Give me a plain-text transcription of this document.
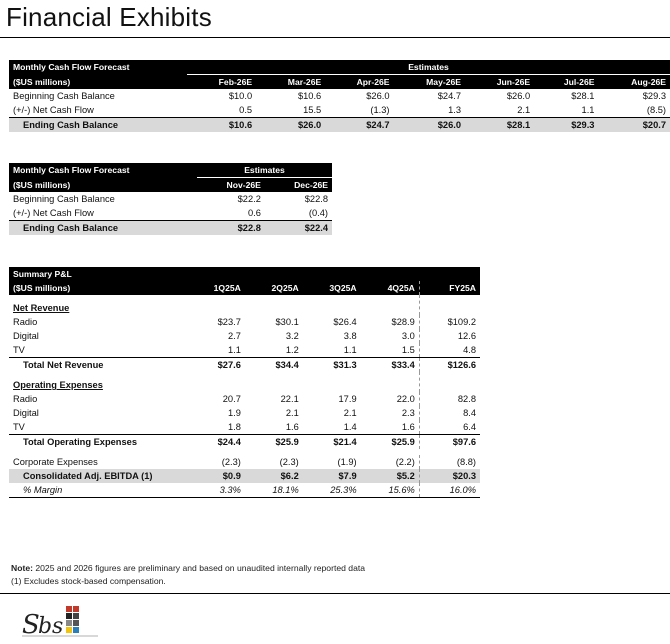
Financial Exhibits
Monthly Cash Flow Forecast	Estimates						
($US millions)	Feb-26E	Mar-26E	Apr-26E	May-26E	Jun-26E	Jul-26E	Aug-26E
Beginning Cash Balance	$10.0	$10.6	$26.0	$24.7	$26.0	$28.1	$29.3
(+/-) Net Cash Flow	0.5	15.5	(1.3)	1.3	2.1	1.1	(8.5)
Ending Cash Balance	$10.6	$26.0	$24.7	$26.0	$28.1	$29.3	$20.7
Monthly Cash Flow Forecast	Estimates	
($US millions)	Nov-26E	Dec-26E
Beginning Cash Balance	$22.2	$22.8
(+/-) Net Cash Flow	0.6	(0.4)
Ending Cash Balance	$22.8	$22.4
Summary P&L					
($US millions)	1Q25A	2Q25A	3Q25A	4Q25A	FY25A
Net Revenue					
Radio	$23.7	$30.1	$26.4	$28.9	$109.2
Digital	2.7	3.2	3.8	3.0	12.6
TV	1.1	1.2	1.1	1.5	4.8
Total Net Revenue	$27.6	$34.4	$31.3	$33.4	$126.6
Operating Expenses					
Radio	20.7	22.1	17.9	22.0	82.8
Digital	1.9	2.1	2.1	2.3	8.4
TV	1.8	1.6	1.4	1.6	6.4
Total Operating Expenses	$24.4	$25.9	$21.4	$25.9	$97.6

Corporate Expenses	(2.3)	(2.3)	(1.9)	(2.2)	(8.8)
Consolidated Adj. EBITDA (1)	$0.9	$6.2	$7.9	$5.2	$20.3
% Margin	3.3%	18.1%	25.3%	15.6%	16.0%
Note: 2025 and 2026 figures are preliminary and based on unaudited internally reported data
(1) Excludes stock-based compensation.
S
b s
